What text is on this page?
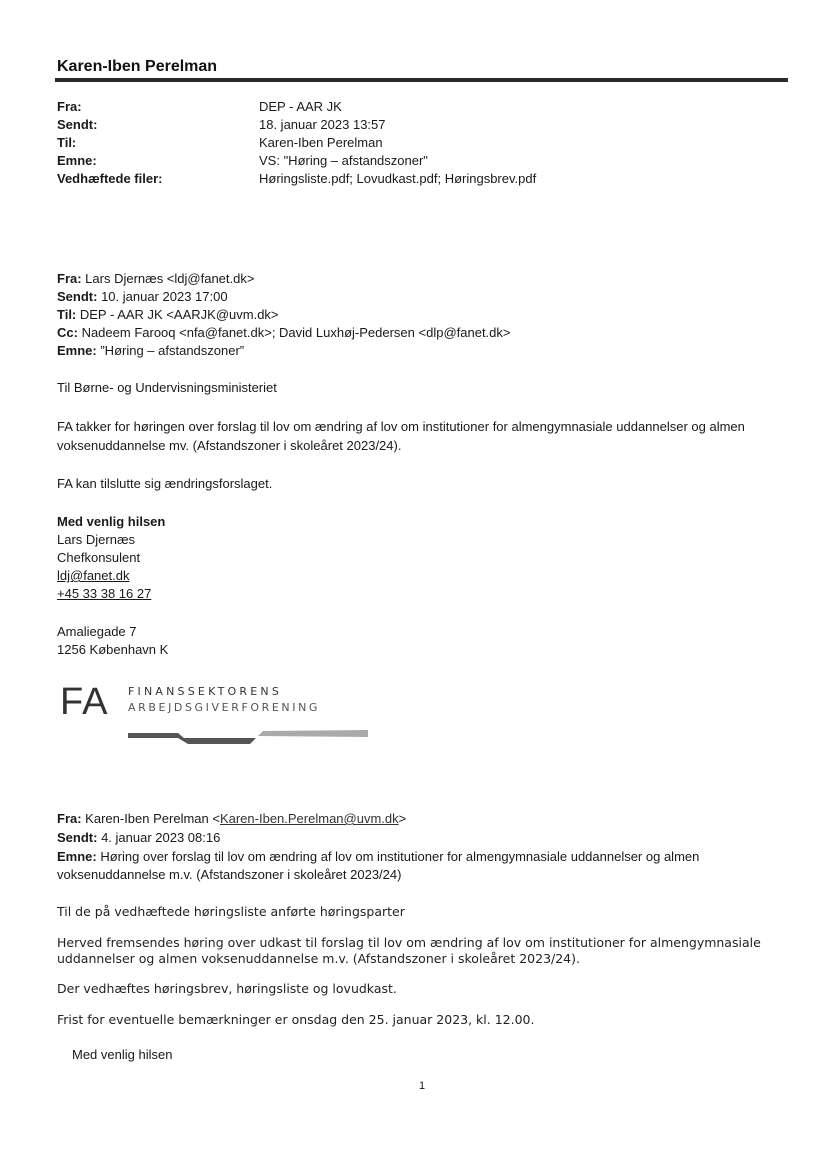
Karen-Iben Perelman
Fra:	DEP - AAR JK
Sendt:	18. januar 2023 13:57
Til:	Karen-Iben Perelman
Emne:	VS: "Høring – afstandszoner"
Vedhæftede filer:	Høringsliste.pdf; Lovudkast.pdf; Høringsbrev.pdf
Fra: Lars Djernæs <ldj@fanet.dk>
Sendt: 10. januar 2023 17:00
Til: DEP - AAR JK <AARJK@uvm.dk>
Cc: Nadeem Farooq <nfa@fanet.dk>; David Luxhøj-Pedersen <dlp@fanet.dk>
Emne: ”Høring – afstandszoner”
Til Børne- og Undervisningsministeriet
FA takker for høringen over forslag til lov om ændring af lov om institutioner for almengymnasiale uddannelser og almen voksenuddannelse mv. (Afstandszoner i skoleåret 2023/24).
FA kan tilslutte sig ændringsforslaget.
Med venlig hilsen
Lars Djernæs
Chefkonsulent
ldj@fanet.dk
+45 33 38 16 27
Amaliegade 7
1256 København K
FA FINANSSEKTORENS
ARBEJDSGIVERFORENING
Fra: Karen-Iben Perelman <Karen-Iben.Perelman@uvm.dk>
Sendt: 4. januar 2023 08:16
Emne: Høring over forslag til lov om ændring af lov om institutioner for almengymnasiale uddannelser og almen
voksenuddannelse m.v. (Afstandszoner i skoleåret 2023/24)
Til de på vedhæftede høringsliste anførte høringsparter
Herved fremsendes høring over udkast til forslag til lov om ændring af lov om institutioner for almengymnasiale
uddannelser og almen voksenuddannelse m.v. (Afstandszoner i skoleåret 2023/24).
Der vedhæftes høringsbrev, høringsliste og lovudkast.
Frist for eventuelle bemærkninger er onsdag den 25. januar 2023, kl. 12.00.
Med venlig hilsen
1
